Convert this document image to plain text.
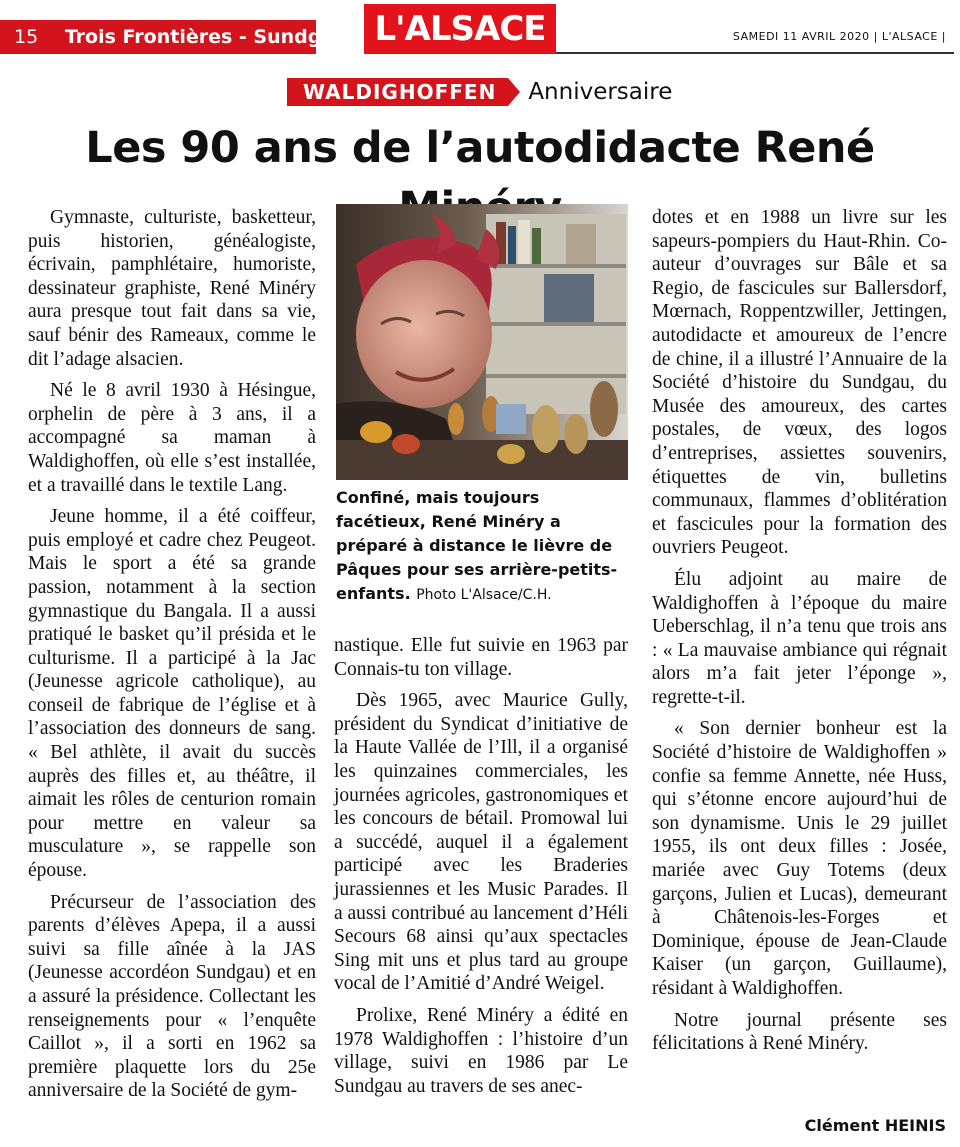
15 Trois Frontières - Sundgau L'ALSACE	SAMEDI 11 AVRIL 2020 | L'ALSACE |
WALDIGHOFFEN Anniversaire
Les 90 ans de l’autodidacte René

Gymnaste, culturiste, basketteur, puis historien, généalogiste, écrivain, pamphlétaire, humoriste, dessinateur graphiste, René Minéry aura presque tout fait dans sa vie, sauf bénir des Rameaux, comme le dit l’adage alsacien.

Né le 8 avril 1930 à Hésingue, orphelin de père à 3 ans, il a accompagné sa maman à Waldighoffen, où elle s’est installée, et a travaillé dans le textile Lang.

Jeune homme, il a été coiffeur, puis employé et cadre chez Peugeot. Mais le sport a été sa grande passion, notamment à la section gymnastique du Bangala. Il a aussi pratiqué le basket qu’il présida et le culturisme. Il a participé à la Jac (Jeunesse agricole catholique), au conseil de fabrique de l’église et à l’association des donneurs de sang. « Bel athlète, il avait du succès auprès des filles et, au théâtre, il aimait les rôles de centurion romain pour mettre en valeur sa musculature », se rappelle son épouse.

Précurseur de l’association des parents d’élèves Apepa, il a aussi suivi sa fille aînée à la JAS (Jeunesse accordéon Sundgau) et en a assuré la présidence. Collectant les renseignements pour « l’enquête Caillot », il a sorti en 1962 sa première plaquette lors du 25e anniversaire de la Société de gym-

Confiné, mais toujours facétieux, René Minéry a préparé à distance le lièvre de Pâques pour ses arrière-petits-enfants. Photo L'Alsace/C.H.

nastique. Elle fut suivie en 1963 par Connais-tu ton village.

Dès 1965, avec Maurice Gully, président du Syndicat d’initiative de la Haute Vallée de l’Ill, il a organisé les quinzaines commerciales, les journées agricoles, gastronomiques et les concours de bétail. Promowal lui a succédé, auquel il a également participé avec les Braderies jurassiennes et les Music Parades. Il a aussi contribué au lancement d’Héli Secours 68 ainsi qu’aux spectacles Sing mit uns et plus tard au groupe vocal de l’Amitié d’André Weigel.

Prolixe, René Minéry a édité en 1978 Waldighoffen : l’histoire d’un village, suivi en 1986 par Le Sundgau au travers de ses anec-

dotes et en 1988 un livre sur les sapeurs-pompiers du Haut-Rhin. Co-auteur d’ouvrages sur Bâle et sa Regio, de fascicules sur Ballersdorf, Mœrnach, Roppentzwiller, Jettingen, autodidacte et amoureux de l’encre de chine, il a illustré l’Annuaire de la Société d’histoire du Sundgau, du Musée des amoureux, des cartes postales, de vœux, des logos d’entreprises, assiettes souvenirs, étiquettes de vin, bulletins communaux, flammes d’oblitération et fascicules pour la formation des ouvriers Peugeot.

Élu adjoint au maire de Waldighoffen à l’époque du maire Ueberschlag, il n’a tenu que trois ans : « La mauvaise ambiance qui régnait alors m’a fait jeter l’éponge », regrette-t-il.

« Son dernier bonheur est la Société d’histoire de Waldighoffen » confie sa femme Annette, née Huss, qui s’étonne encore aujourd’hui de son dynamisme. Unis le 29 juillet 1955, ils ont deux filles : Josée, mariée avec Guy Totems (deux garçons, Julien et Lucas), demeurant à Châtenois-les-Forges et Dominique, épouse de Jean-Claude Kaiser (un garçon, Guillaume), résidant à Waldighoffen.

Notre journal présente ses félicitations à René Minéry.

Clément HEINIS
